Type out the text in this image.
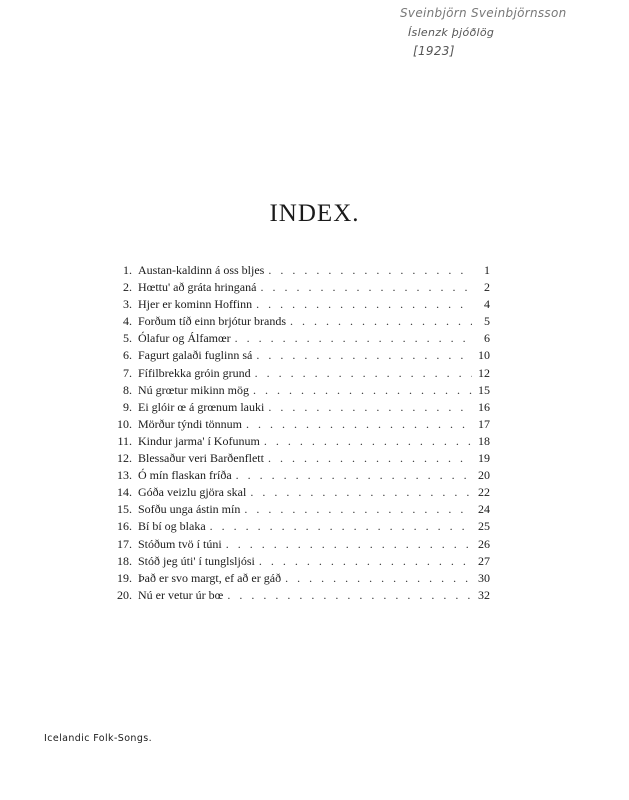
Sveinbjörn Sveinbjörnsson
Íslenzk þjóðlög
[1923]
INDEX.
1. Austan-kaldinn á oss bljes . . .	1
2. Hœttu' að gráta hringaná . . .	2
3. Hjer er kominn Hoffinn . . .	4
4. Forðum tíð einn brjótur brands . . .	5
5. Ólafur og Álfamœr . . .	6
6. Fagurt galaði fuglinn sá . . .	10
7. Fífilbrekka gróin grund . . .	12
8. Nú grœtur mikinn mög . . .	15
9. Ei glóir œ á grœnum lauki . . .	16
10. Mörður týndi tönnum . . .	17
11. Kindur jarma' í Kofunum . . .	18
12. Blessaður veri Barðenflett . . .	19
13. Ó mín flaskan fríða . . .	20
14. Góða veizlu gjöra skal . . .	22
15. Sofðu unga ástin mín . . .	24
16. Bí bí og blaka . . .	25
17. Stóðum tvö í túni . . .	26
18. Stóð jeg úti' í tunglsljósi . . .	27
19. Það er svo margt, ef að er gáð . . .	30
20. Nú er vetur úr bœ . . .	32
Icelandic Folk-Songs.
